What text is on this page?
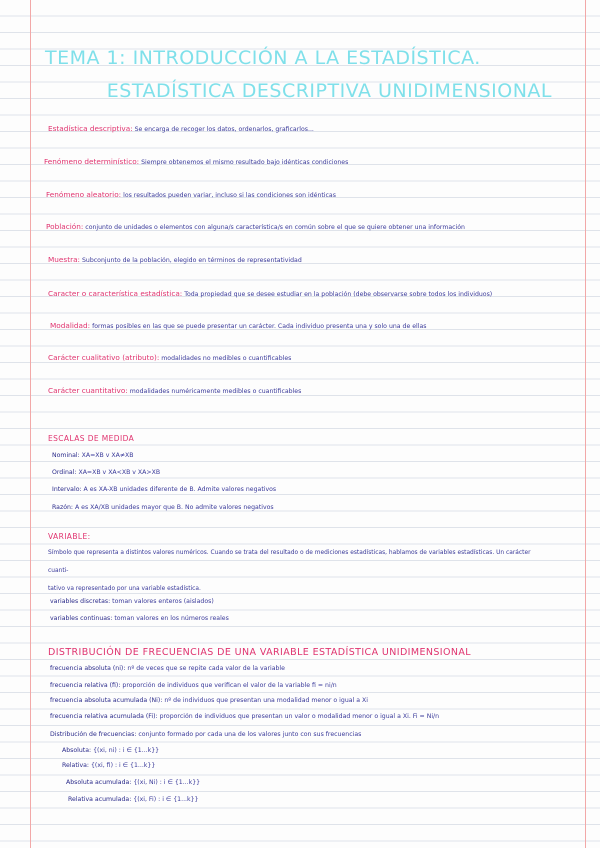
TEMA 1: INTRODUCCIÓN A LA ESTADÍSTICA.
ESTADÍSTICA DESCRIPTIVA UNIDIMENSIONAL
Estadística descriptiva: Se encarga de recoger los datos, ordenarlos, graficarlos...
Fenómeno determinístico: Siempre obtenemos el mismo resultado bajo idénticas condiciones
Fenómeno aleatorio: los resultados pueden variar, incluso si las condiciones son idénticas
Población: conjunto de unidades o elementos con alguna/s característica/s en común sobre el que se quiere obtener una información
Muestra: Subconjunto de la población, elegido en términos de representatividad
Caracter o característica estadística: Toda propiedad que se desee estudiar en la población (debe observarse sobre todos los individuos)
Modalidad: formas posibles en las que se puede presentar un carácter. Cada individuo presenta una y solo una de ellas
Carácter cualitativo (atributo): modalidades no medibles o cuantificables
Carácter cuantitativo: modalidades numéricamente medibles o cuantificables
ESCALAS DE MEDIDA
Nominal: XA=XB v XA≠XB
Ordinal: XA=XB v XA<XB v XA>XB
Intervalo: A es XA-XB unidades diferente de B. Admite valores negativos
Razón: A es XA/XB unidades mayor que B. No admite valores negativos
VARIABLE:
Símbolo que representa a distintos valores numéricos. Cuando se trata del resultado o de mediciones estadísticas, hablamos de variables estadísticas. Un carácter cuanti-
tativo va representado por una variable estadística.
variables discretas: toman valores enteros (aislados)
variables continuas: toman valores en los números reales
DISTRIBUCIÓN DE FRECUENCIAS DE UNA VARIABLE ESTADÍSTICA UNIDIMENSIONAL
frecuencia absoluta (ni): nº de veces que se repite cada valor de la variable
frecuencia relativa (fi): proporción de individuos que verifican el valor de la variable fi = ni/n
frecuencia absoluta acumulada (Ni): nº de individuos que presentan una modalidad menor o igual a Xi
frecuencia relativa acumulada (Fi): proporción de individuos que presentan un valor o modalidad menor o igual a Xi. Fi = Ni/n
Distribución de frecuencias: conjunto formado por cada una de los valores junto con sus frecuencias
Absoluta: {(xi, ni) : i ∈ {1...k}}
Relativa: {(xi, fi) : i ∈ {1...k}}
Absoluta acumulada: {(xi, Ni) : i ∈ {1...k}}
Relativa acumulada: {(xi, Fi) : i ∈ {1...k}}
